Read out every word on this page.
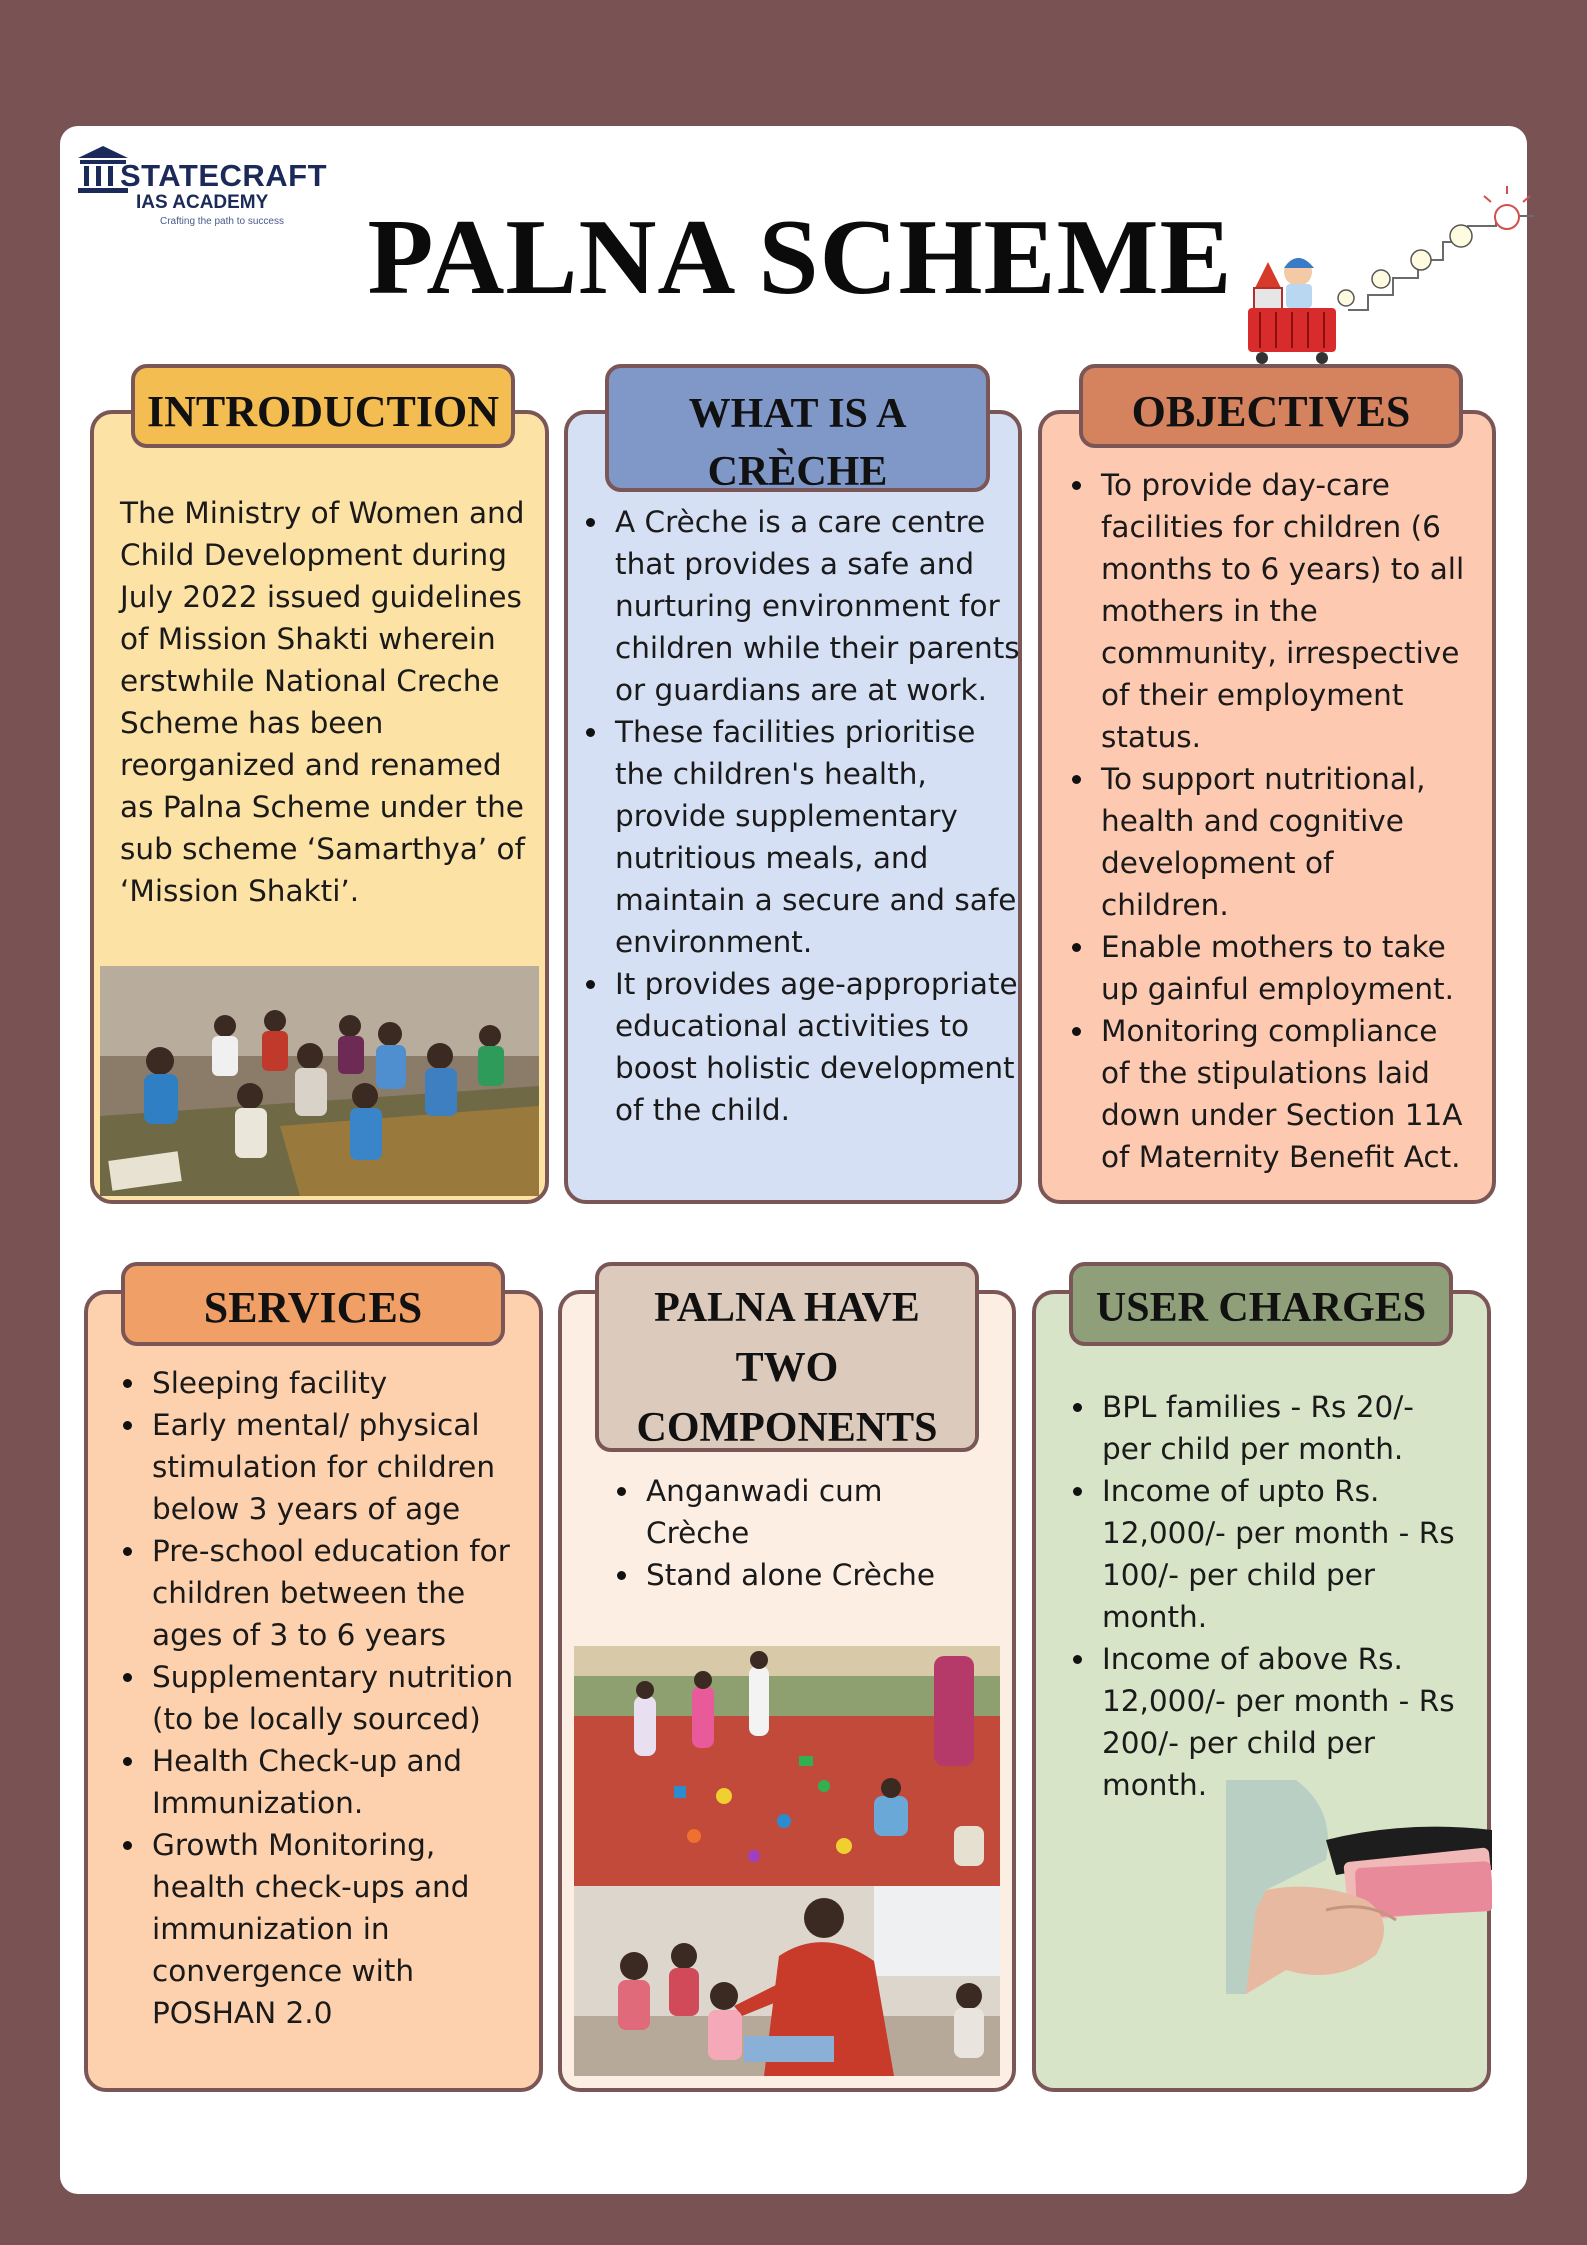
STATECRAFT
IAS ACADEMY
Crafting the path to success PALNA SCHEME
INTRODUCTION
The Ministry of Women and
Child Development during
July 2022 issued guidelines
of Mission Shakti wherein
erstwhile National Creche
Scheme has been
reorganized and renamed
as Palna Scheme under the
sub scheme ‘Samarthya’ of
‘Mission Shakti’.
WHAT IS A
CRÈCHE
A Crèche is a care centre
that provides a safe and
nurturing environment for
children while their parents
or guardians are at work.
These facilities prioritise
the children's health,
provide supplementary
nutritious meals, and
maintain a secure and safe
environment.
It provides age-appropriate
educational activities to
boost holistic development
of the child.
OBJECTIVES
To provide day-care
facilities for children (6
months to 6 years) to all
mothers in the
community, irrespective
of their employment
status.
To support nutritional,
health and cognitive
development of
children.
Enable mothers to take
up gainful employment.
Monitoring compliance
of the stipulations laid
down under Section 11A
of Maternity Benefit Act.
SERVICES
Sleeping facility
Early mental/ physical
stimulation for children
below 3 years of age
Pre-school education for
children between the
ages of 3 to 6 years
Supplementary nutrition
(to be locally sourced)
Health Check-up and
Immunization.
Growth Monitoring,
health check-ups and
immunization in
convergence with
POSHAN 2.0
PALNA HAVE
TWO
COMPONENTS
Anganwadi cum
Crèche
Stand alone Crèche
USER CHARGES
BPL families - Rs 20/-
per child per month.
Income of upto Rs.
12,000/- per month - Rs
100/- per child per
month.
Income of above Rs.
12,000/- per month - Rs
200/- per child per
month.
